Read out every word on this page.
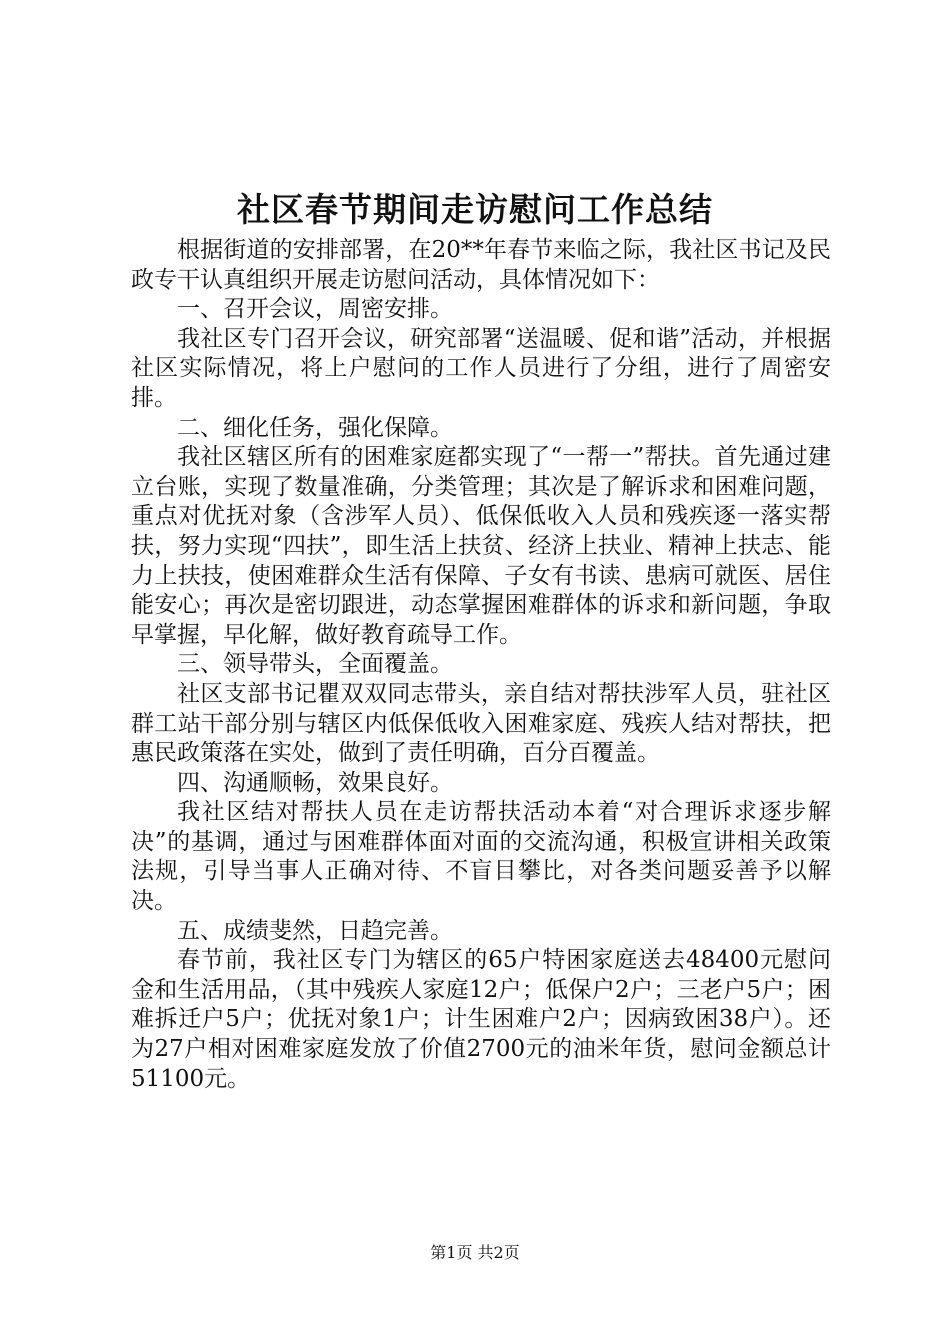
社区春节期间走访慰问工作总结

根据街道的安排部署，在20**年春节来临之际，我社区书记及民政专干认真组织开展走访慰问活动，具体情况如下：

一、召开会议，周密安排。

我社区专门召开会议，研究部署“送温暖、促和谐”活动，并根据社区实际情况，将上户慰问的工作人员进行了分组，进行了周密安排。

二、细化任务，强化保障。

我社区辖区所有的困难家庭都实现了“一帮一”帮扶。首先通过建立台账，实现了数量准确，分类管理；其次是了解诉求和困难问题，重点对优抚对象（含涉军人员）、低保低收入人员和残疾逐一落实帮扶，努力实现“四扶”，即生活上扶贫、经济上扶业、精神上扶志、能力上扶技，使困难群众生活有保障、子女有书读、患病可就医、居住能安心；再次是密切跟进，动态掌握困难群体的诉求和新问题，争取早掌握，早化解，做好教育疏导工作。

三、领导带头，全面覆盖。

社区支部书记瞿双双同志带头，亲自结对帮扶涉军人员，驻社区群工站干部分别与辖区内低保低收入困难家庭、残疾人结对帮扶，把惠民政策落在实处，做到了责任明确，百分百覆盖。

四、沟通顺畅，效果良好。

我社区结对帮扶人员在走访帮扶活动本着“对合理诉求逐步解决”的基调，通过与困难群体面对面的交流沟通，积极宣讲相关政策法规，引导当事人正确对待、不盲目攀比，对各类问题妥善予以解决。

五、成绩斐然，日趋完善。

春节前，我社区专门为辖区的65户特困家庭送去48400元慰问金和生活用品，（其中残疾人家庭12户；低保户2户；三老户5户；困难拆迁户5户；优抚对象1户；计生困难户2户；因病致困38户）。还为27户相对困难家庭发放了价值2700元的油米年货，慰问金额总计51100元。

第1页 共2页
